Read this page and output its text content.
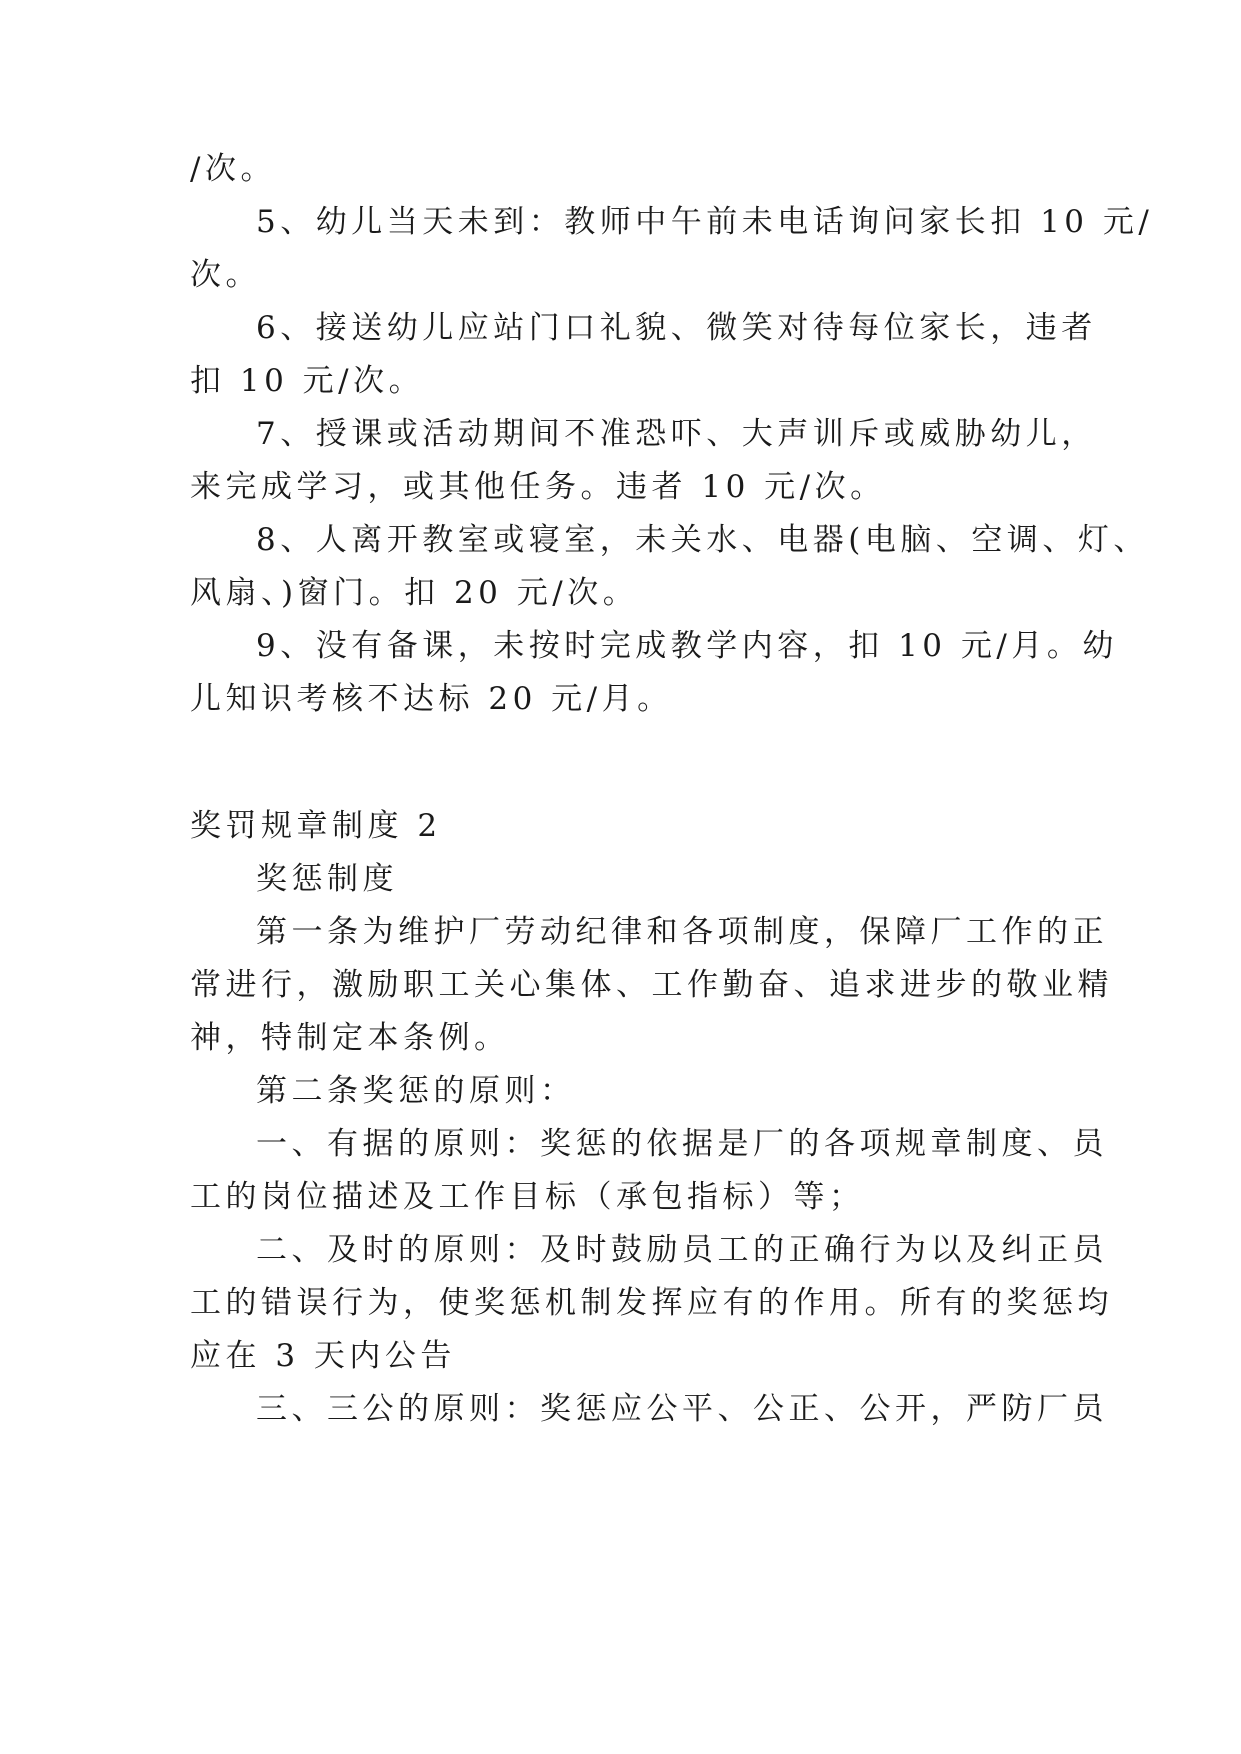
/次。
5、幼儿当天未到：教师中午前未电话询问家长扣 10 元/
次。
6、接送幼儿应站门口礼貌、微笑对待每位家长，违者
扣 10 元/次。
7、授课或活动期间不准恐吓、大声训斥或威胁幼儿，
来完成学习，或其他任务。违者 10 元/次。
8、人离开教室或寝室，未关水、电器(电脑、空调、灯、
风扇、)窗门。扣 20 元/次。
9、没有备课，未按时完成教学内容，扣 10 元/月。幼
儿知识考核不达标 20 元/月。
奖罚规章制度 2
奖惩制度
第一条为维护厂劳动纪律和各项制度，保障厂工作的正
常进行，激励职工关心集体、工作勤奋、追求进步的敬业精
神，特制定本条例。
第二条奖惩的原则：
一、有据的原则：奖惩的依据是厂的各项规章制度、员
工的岗位描述及工作目标（承包指标）等；
二、及时的原则：及时鼓励员工的正确行为以及纠正员
工的错误行为，使奖惩机制发挥应有的作用。所有的奖惩均
应在 3 天内公告
三、三公的原则：奖惩应公平、公正、公开，严防厂员
